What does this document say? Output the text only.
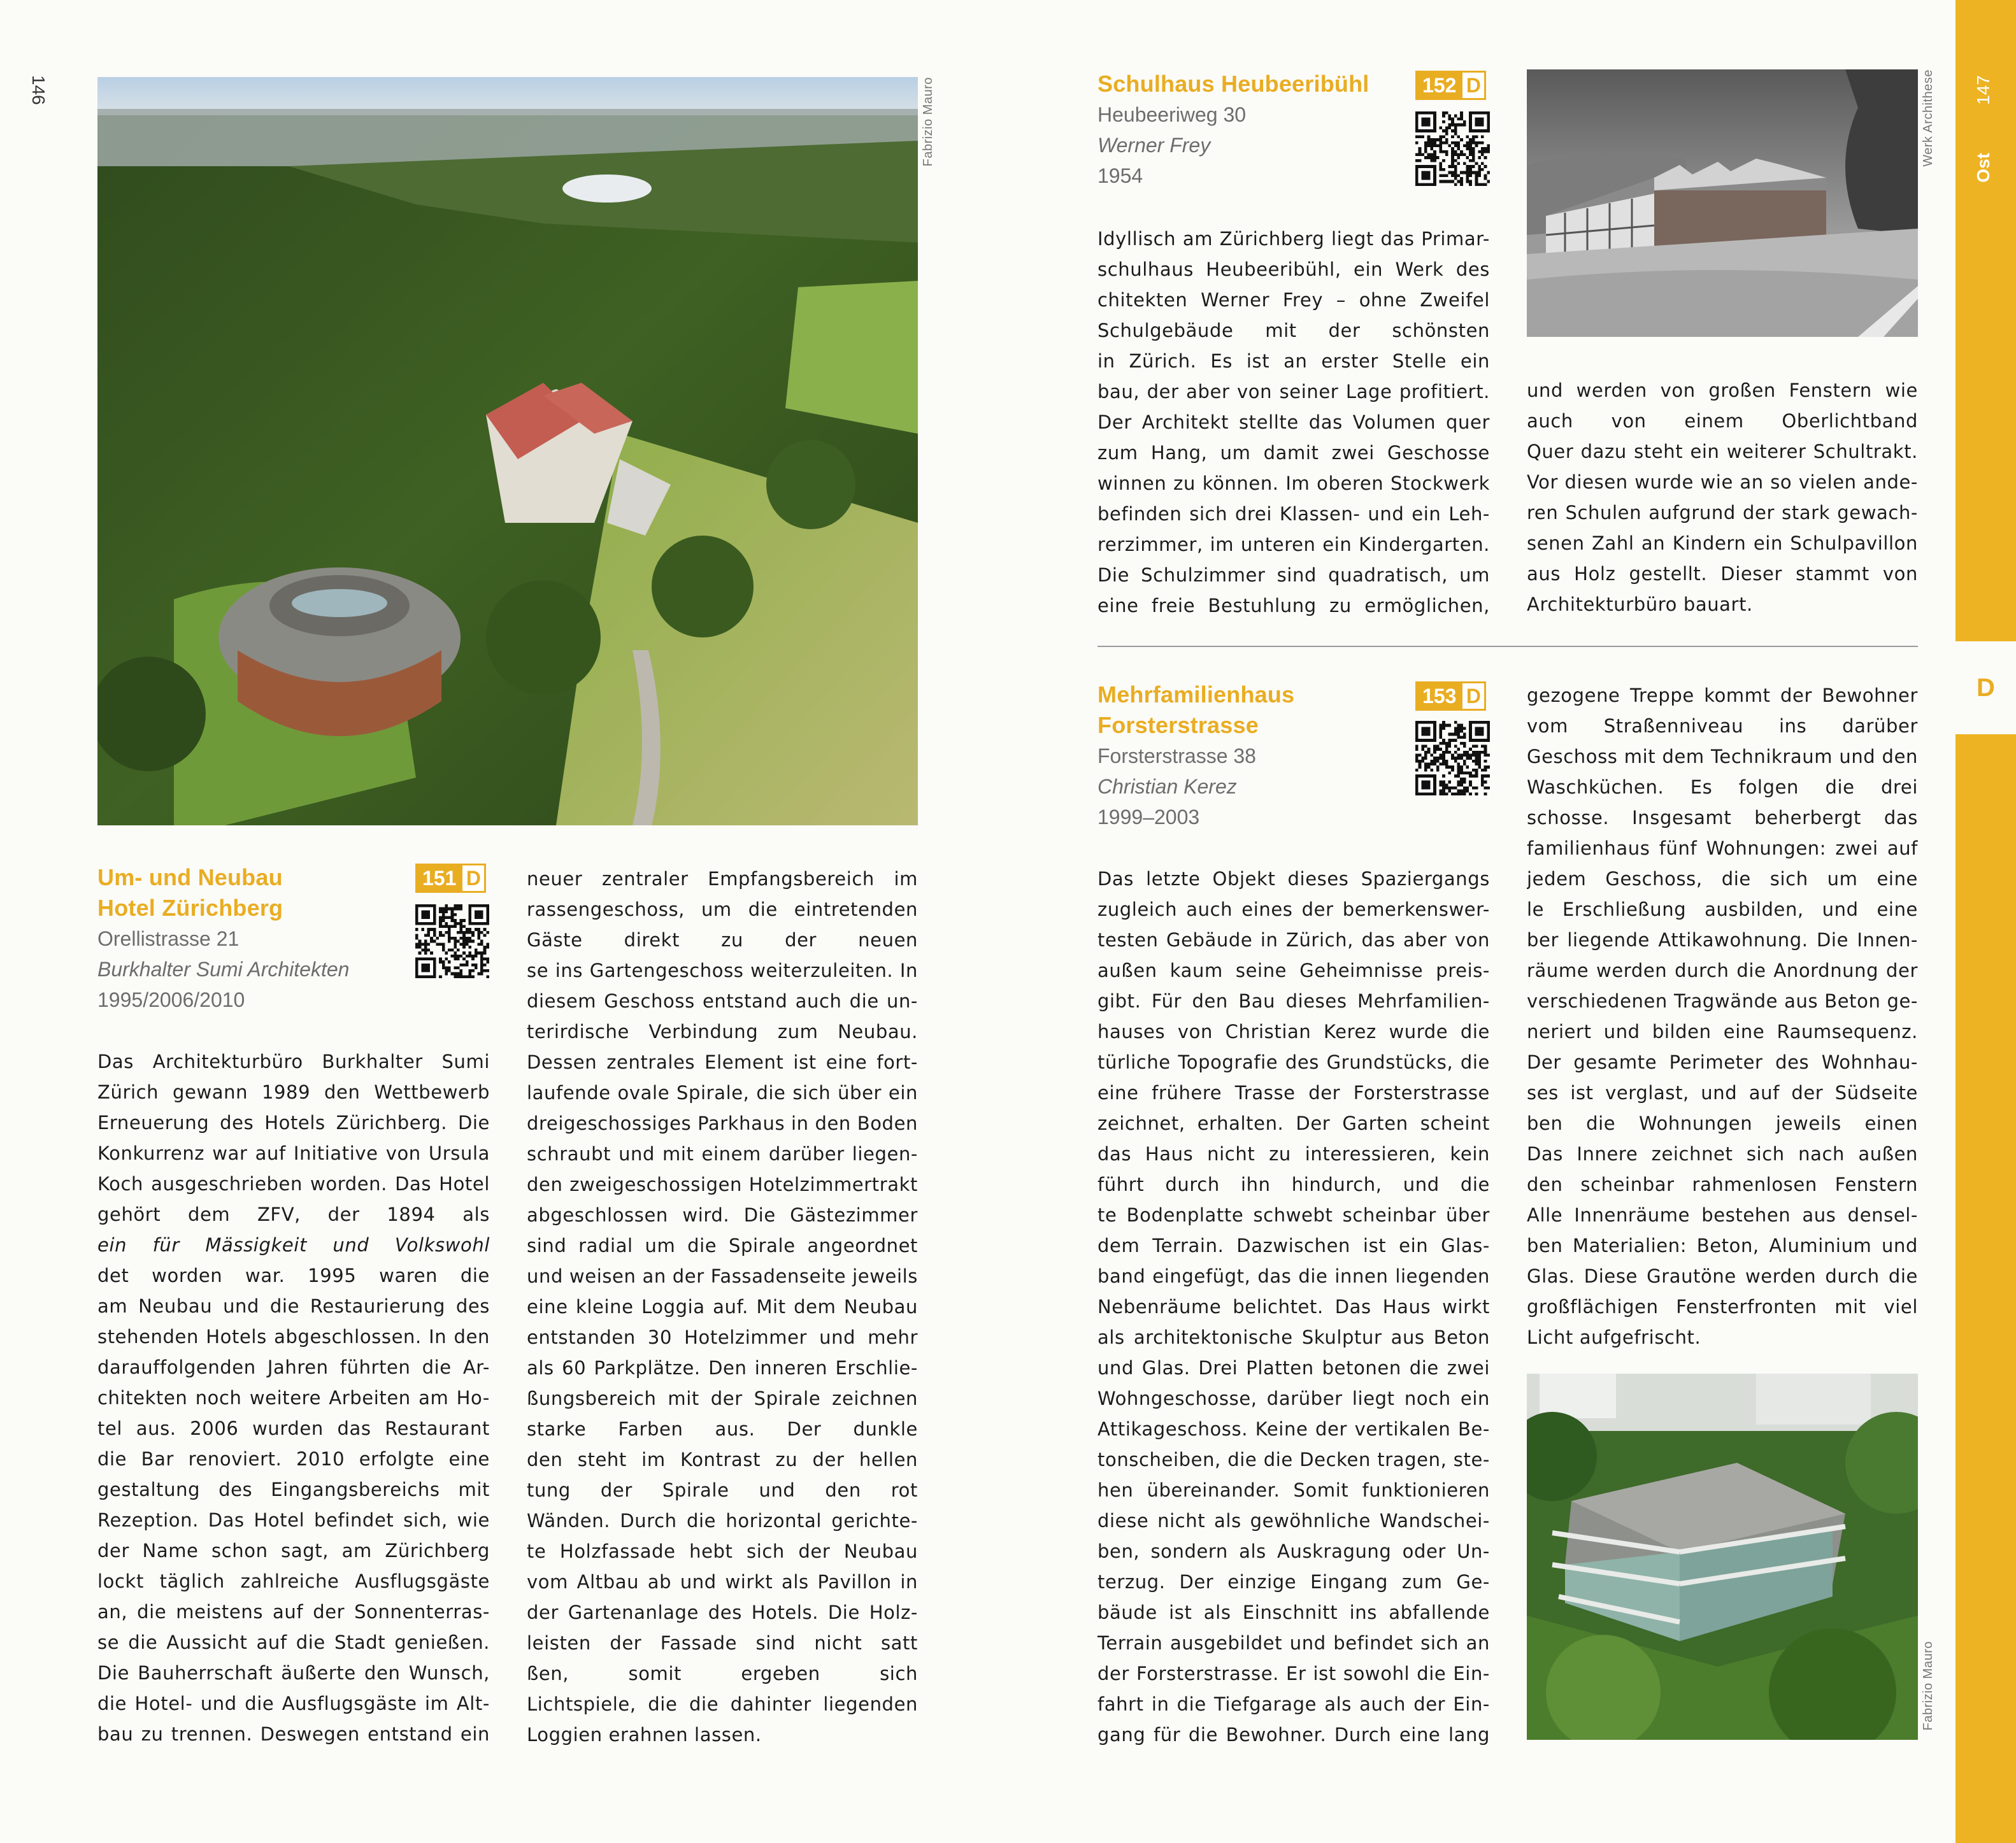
146	Fabrizio Mauro
Um- und Neubau
Hotel Zürichberg
Orellistrasse 21
Burkhalter Sumi Architekten
1995/2006/2010
151 D
Das Architekturbüro Burkhalter Sumi
Zürich gewann 1989 den Wettbewerb
Erneuerung des Hotels Zürichberg. Die
Konkurrenz war auf Initiative von Ursula
Koch ausgeschrieben worden. Das Hotel
gehört dem ZFV, der 1894 als
ein für Mässigkeit und Volkswohl
det worden war. 1995 waren die
am Neubau und die Restaurierung des
stehenden Hotels abgeschlossen. In den
darauffolgenden Jahren führten die Ar-
chitekten noch weitere Arbeiten am Ho-
tel aus. 2006 wurden das Restaurant
die Bar renoviert. 2010 erfolgte eine
gestaltung des Eingangsbereichs mit
Rezeption. Das Hotel befindet sich, wie
der Name schon sagt, am Zürichberg
lockt täglich zahlreiche Ausflugsgäste
an, die meistens auf der Sonnenterras-
se die Aussicht auf die Stadt genießen.
Die Bauherrschaft äußerte den Wunsch,
die Hotel- und die Ausflugsgäste im Alt-
bau zu trennen. Deswegen entstand ein
neuer zentraler Empfangsbereich im
rassengeschoss, um die eintretenden
Gäste direkt zu der neuen
se ins Gartengeschoss weiterzuleiten. In
diesem Geschoss entstand auch die un-
terirdische Verbindung zum Neubau.
Dessen zentrales Element ist eine fort-
laufende ovale Spirale, die sich über ein
dreigeschossiges Parkhaus in den Boden
schraubt und mit einem darüber liegen-
den zweigeschossigen Hotelzimmertrakt
abgeschlossen wird. Die Gästezimmer
sind radial um die Spirale angeordnet
und weisen an der Fassadenseite jeweils
eine kleine Loggia auf. Mit dem Neubau
entstanden 30 Hotelzimmer und mehr
als 60 Parkplätze. Den inneren Erschlie-
ßungsbereich mit der Spirale zeichnen
starke Farben aus. Der dunkle
den steht im Kontrast zu der hellen
tung der Spirale und den rot
Wänden. Durch die horizontal gerichte-
te Holzfassade hebt sich der Neubau
vom Altbau ab und wirkt als Pavillon in
der Gartenanlage des Hotels. Die Holz-
leisten der Fassade sind nicht satt
ßen, somit ergeben sich
Lichtspiele, die die dahinter liegenden
Loggien erahnen lassen.
Schulhaus Heubeeribühl
Heubeeriweg 30
Werner Frey
1954
152 D
Idyllisch am Zürichberg liegt das Primar-
schulhaus Heubeeribühl, ein Werk des
chitekten Werner Frey – ohne Zweifel
Schulgebäude mit der schönsten
in Zürich. Es ist an erster Stelle ein
bau, der aber von seiner Lage profitiert.
Der Architekt stellte das Volumen quer
zum Hang, um damit zwei Geschosse
winnen zu können. Im oberen Stockwerk
befinden sich drei Klassen- und ein Leh-
rerzimmer, im unteren ein Kindergarten.
Die Schulzimmer sind quadratisch, um
eine freie Bestuhlung zu ermöglichen,
Werk Archithese
und werden von großen Fenstern wie
auch von einem Oberlichtband
Quer dazu steht ein weiterer Schultrakt.
Vor diesen wurde wie an so vielen ande-
ren Schulen aufgrund der stark gewach-
senen Zahl an Kindern ein Schulpavillon
aus Holz gestellt. Dieser stammt von
Architekturbüro bauart.
Mehrfamilienhaus
Forsterstrasse
Forsterstrasse 38
Christian Kerez
1999–2003
153 D
Das letzte Objekt dieses Spaziergangs
zugleich auch eines der bemerkenswer-
testen Gebäude in Zürich, das aber von
außen kaum seine Geheimnisse preis-
gibt. Für den Bau dieses Mehrfamilien-
hauses von Christian Kerez wurde die
türliche Topografie des Grundstücks, die
eine frühere Trasse der Forsterstrasse
zeichnet, erhalten. Der Garten scheint
das Haus nicht zu interessieren, kein
führt durch ihn hindurch, und die
te Bodenplatte schwebt scheinbar über
dem Terrain. Dazwischen ist ein Glas-
band eingefügt, das die innen liegenden
Nebenräume belichtet. Das Haus wirkt
als architektonische Skulptur aus Beton
und Glas. Drei Platten betonen die zwei
Wohngeschosse, darüber liegt noch ein
Attikageschoss. Keine der vertikalen Be-
tonscheiben, die die Decken tragen, ste-
hen übereinander. Somit funktionieren
diese nicht als gewöhnliche Wandschei-
ben, sondern als Auskragung oder Un-
terzug. Der einzige Eingang zum Ge-
bäude ist als Einschnitt ins abfallende
Terrain ausgebildet und befindet sich an
der Forsterstrasse. Er ist sowohl die Ein-
fahrt in die Tiefgarage als auch der Ein-
gang für die Bewohner. Durch eine lang
gezogene Treppe kommt der Bewohner
vom Straßenniveau ins darüber
Geschoss mit dem Technikraum und den
Waschküchen. Es folgen die drei
schosse. Insgesamt beherbergt das
familienhaus fünf Wohnungen: zwei auf
jedem Geschoss, die sich um eine
le Erschließung ausbilden, und eine
ber liegende Attikawohnung. Die Innen-
räume werden durch die Anordnung der
verschiedenen Tragwände aus Beton ge-
neriert und bilden eine Raumsequenz.
Der gesamte Perimeter des Wohnhau-
ses ist verglast, und auf der Südseite
ben die Wohnungen jeweils einen
Das Innere zeichnet sich nach außen
den scheinbar rahmenlosen Fenstern
Alle Innenräume bestehen aus densel-
ben Materialien: Beton, Aluminium und
Glas. Diese Grautöne werden durch die
großflächigen Fensterfronten mit viel
Licht aufgefrischt.
Fabrizio Mauro
147
Ost
D
